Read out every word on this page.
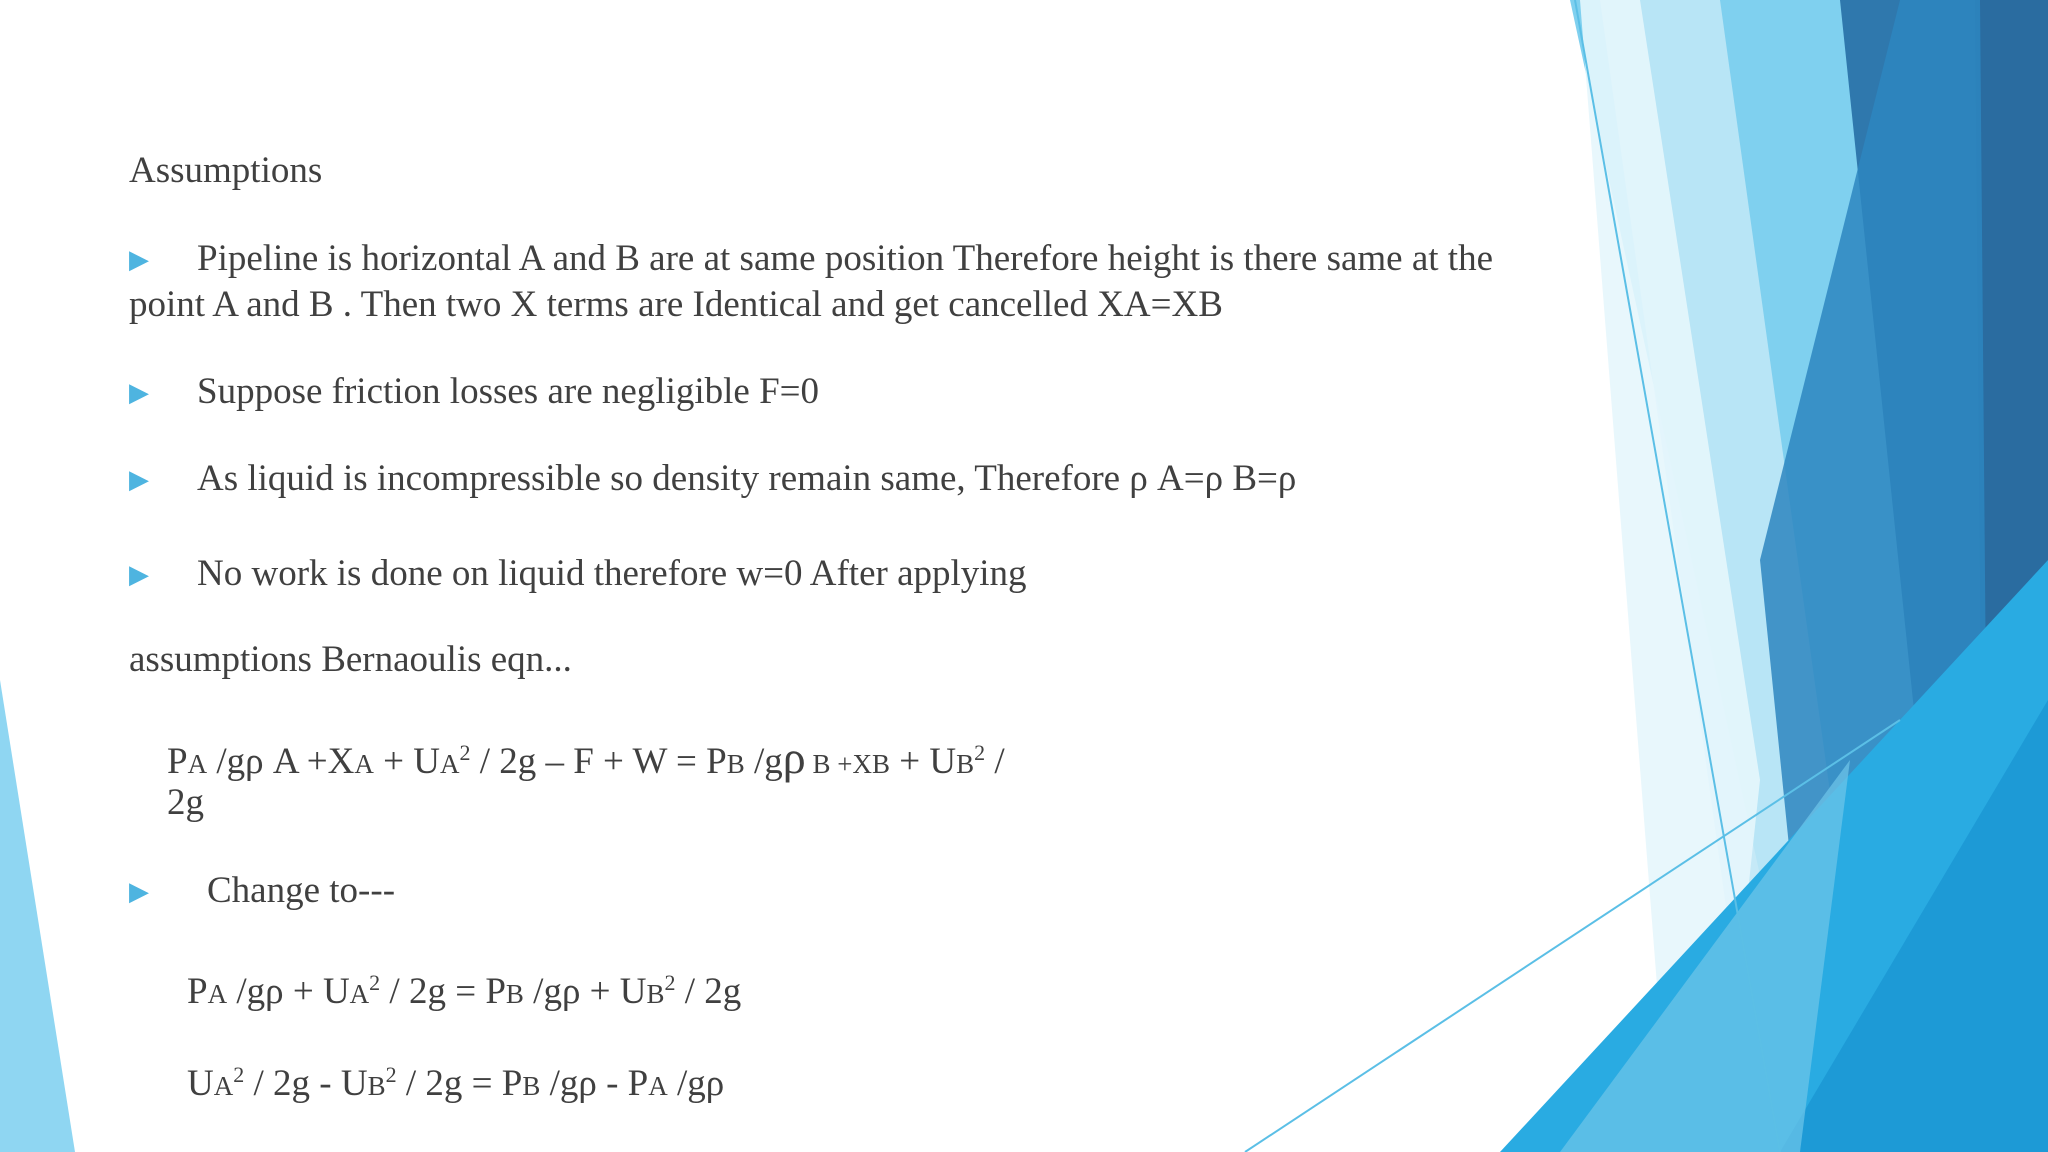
Assumptions
▶ Pipeline is horizontal A and B are at same position Therefore height is there same at the
point A and B . Then two X terms are Identical and get cancelled XA=XB
▶ Suppose friction losses are negligible F=0
▶ As liquid is incompressible so density remain same, Therefore ρ A=ρ B=ρ
▶ No work is done on liquid therefore w=0 After applying
assumptions Bernaoulis eqn...
PA /gρ $A +XA + UA^2 / 2g - F + W$ = PB /gρ $B +XB + UB^2$ /
2g
▶ Change to---
PA $/g\rho + UA^2 / 2g$ = PB $/g\rho + UB^2 / 2g$
$UA^2 / 2g - UB^2 / 2g$ = PB /gρ - PA /gρ
